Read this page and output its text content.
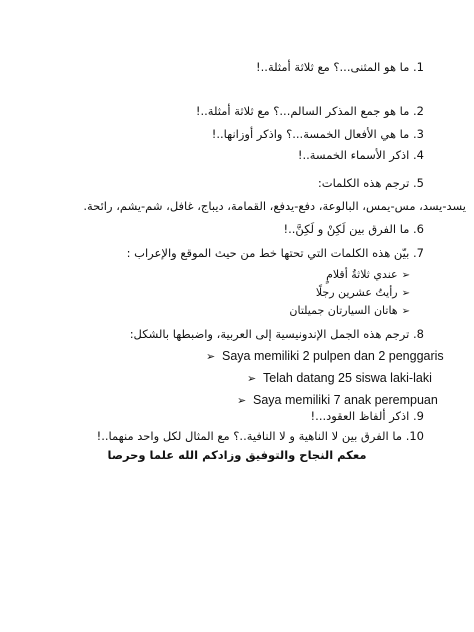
1. ما هو المثنى...؟ مع ثلاثة أمثلة..!
2. ما هو جمع المذكر السالم...؟ مع ثلاثة أمثلة..!
3. ما هي الأفعال الخمسة...؟ واذكر أوزانها..!
4. اذكر الأسماء الخمسة..!
5. ترجم هذه الكلمات:
يسد-يسد، مس-يمس، البالوعة، دفع-يدفع، القمامة، ديباج، غافل، شم-يشم، رائحة.
6. ما الفرق بين لَكِنْ و لَكِنَّ..!
7. بيّن هذه الكلمات التي تحتها خط من حيث الموقع والإعراب :
➢عندي ثلاثةُ أقلامٍ
➢رأيتُ عشرين رجلًا
➢هاتان السيارتان جميلتان
8. ترجم هذه الجمل الإندونيسية إلى العربية، واضبطها بالشكل:
➢ Saya memiliki 2 pulpen dan 2 penggaris
➢ Telah datang 25 siswa laki-laki
➢ Saya memiliki 7 anak perempuan
9. اذكر ألفاظ العقود...!
10. ما الفرق بين لا الناهية و لا النافية..؟ مع المثال لكل واحد منهما..!
معكم النجاح والتوفيق وزادكم الله علما وحرصا
